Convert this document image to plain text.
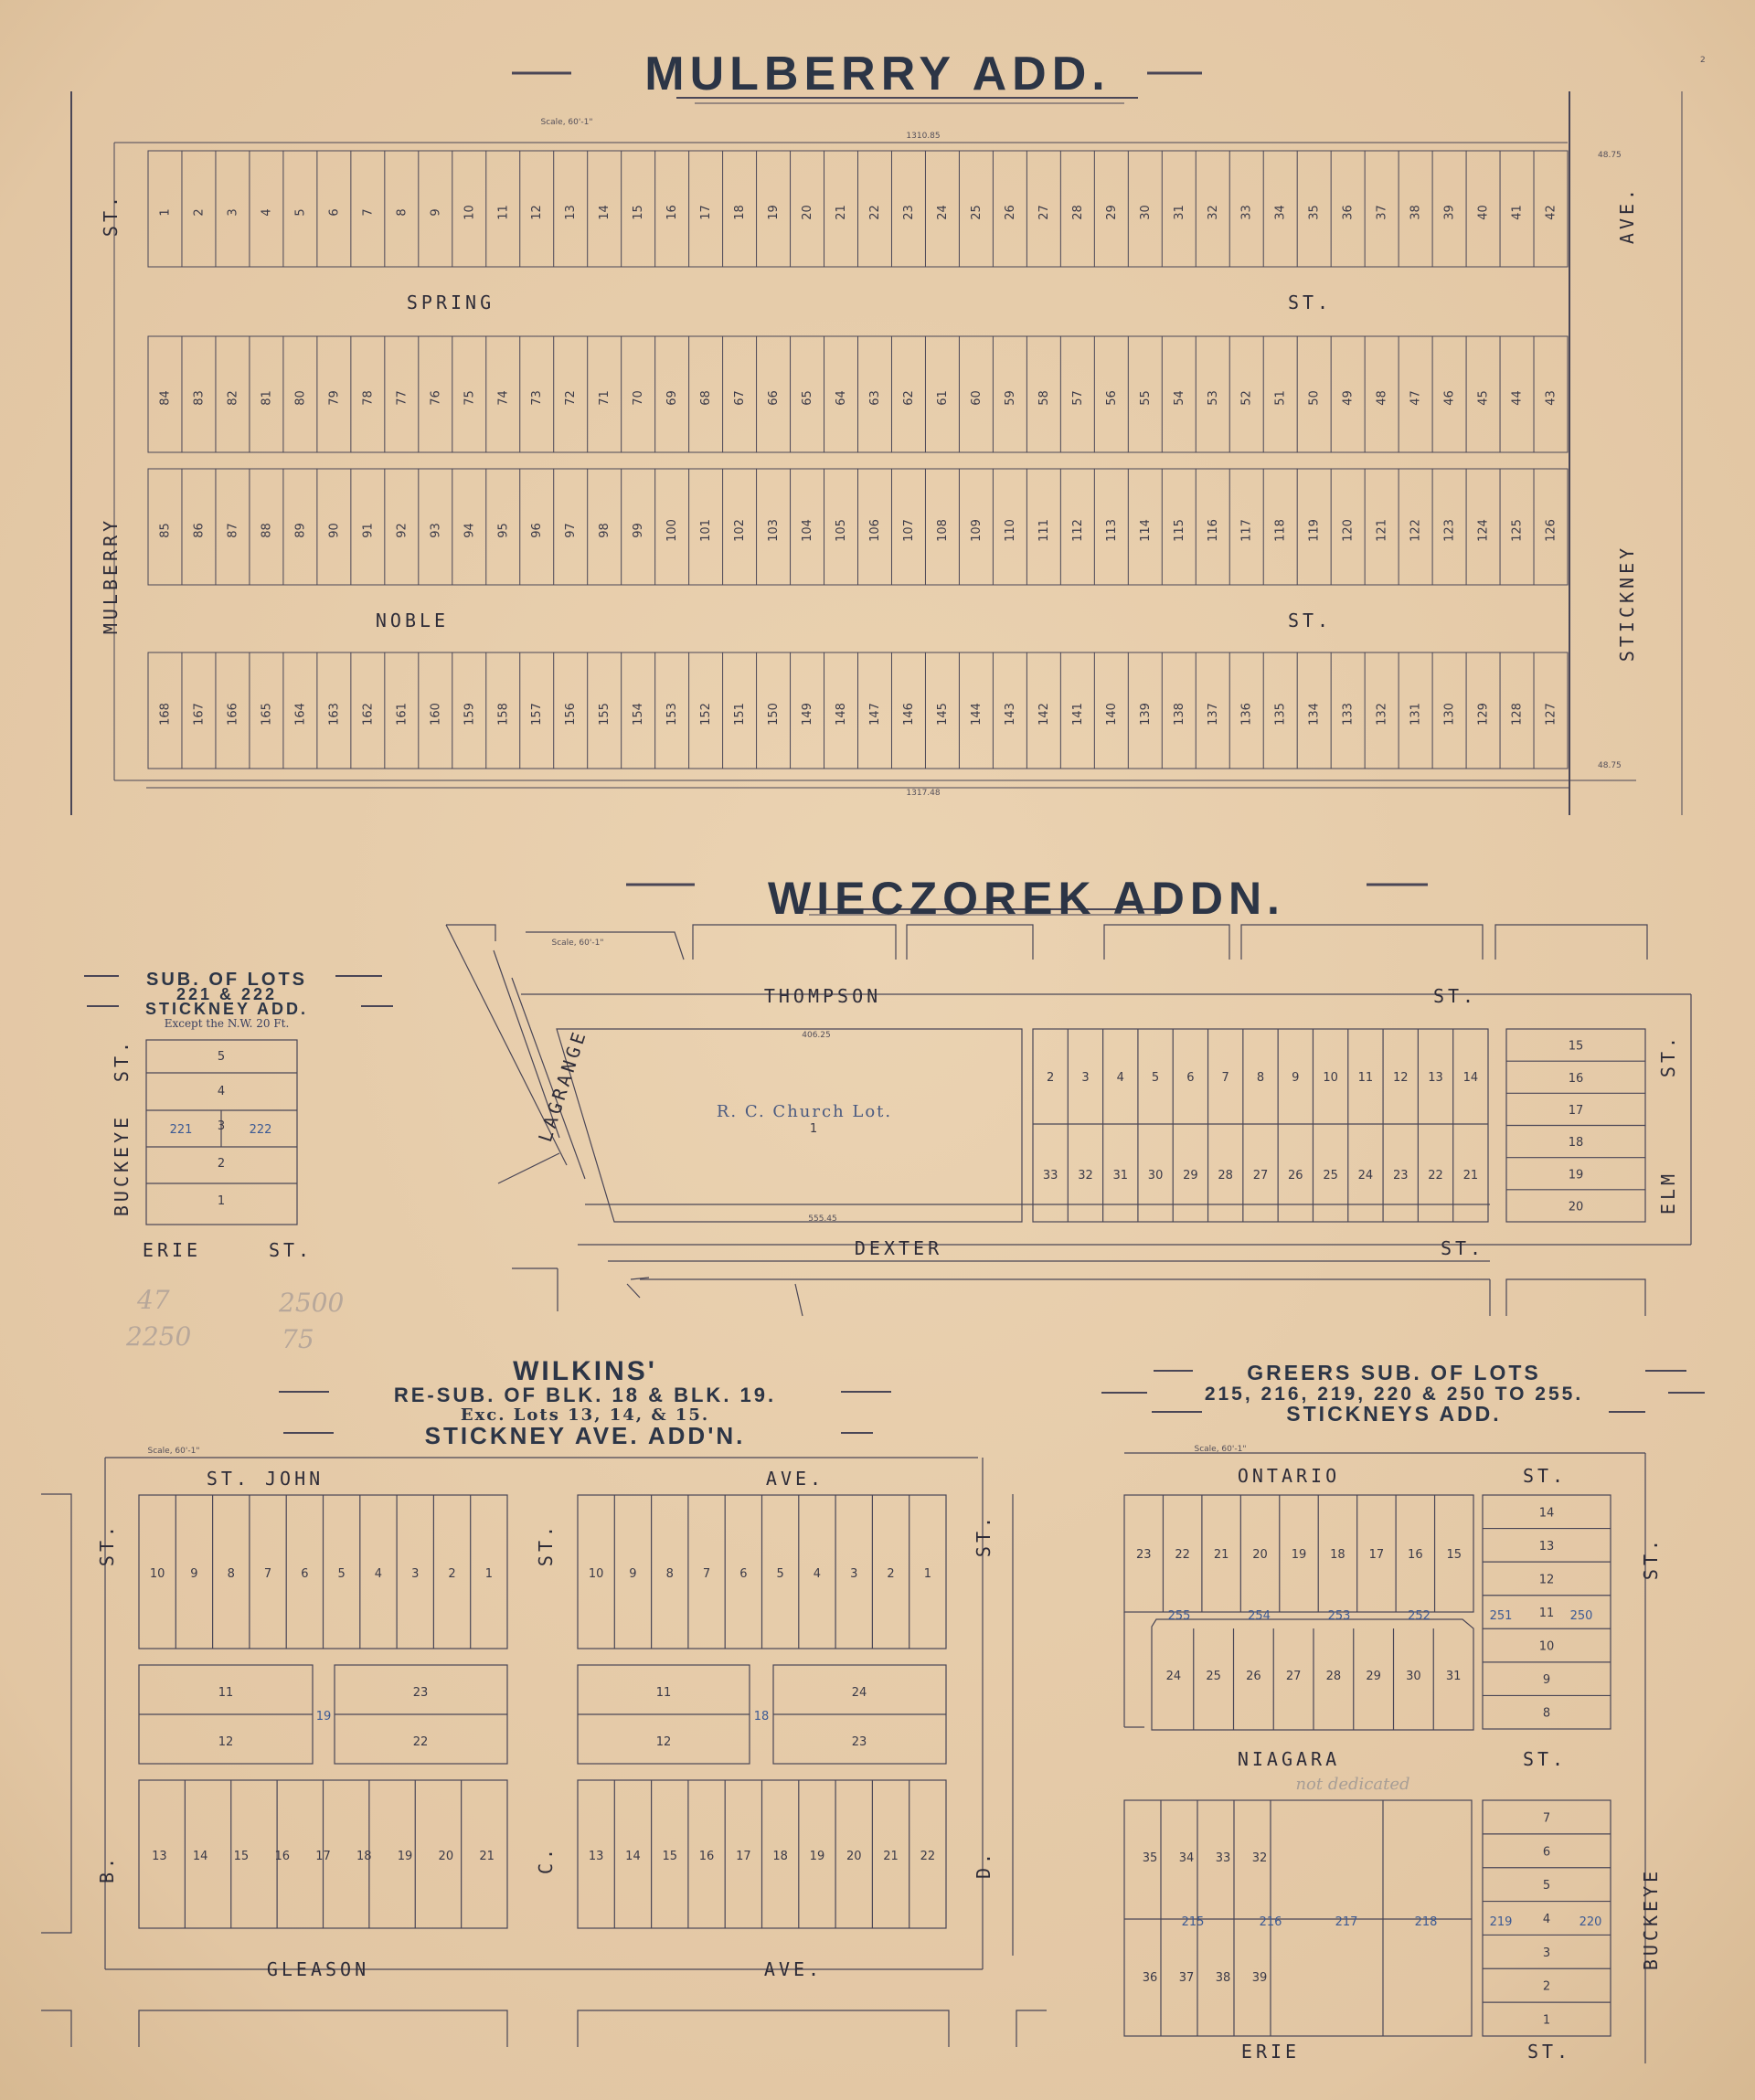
2
1 2 3 4 5 6 7 8 9 10 11 12 13 14 15 16 17 18 19 20 21 22 23 24 25 26 27 28 29 30 31 32 33 34 35 36 37 38 39 40 41 42
84 83 82 81 80 79 78 77 76 75 74 73 72 71 70 69 68 67 66 65 64 63 62 61 60 59 58 57 56 55 54 53 52 51 50 49 48 47 46 45 44 43
85 86 87 88 89 90 91 92 93 94 95 96 97 98 99 100 101 102 103 104 105 106 107 108 109 110 111 112 113 114 115 116 117 118 119 120 121 122 123 124 125 126
168 167 166 165 164 163 162 161 160 159 158 157 156 155 154 153 152 151 150 149 148 147 146 145 144 143 142 141 140 139 138 137 136 135 134 133 132 131 130 129 128 127
MULBERRY ADD.
Scale, 60'-1"
1310.85
1317.48
48.75
48.75
SPRING	ST.
NOBLE	ST.
MULBERRY
ST.
STICKNEY
AVE.
WIECZOREK ADDN.
Scale, 60'-1"
THOMPSON	ST.
DEXTER	ST.
LAGRANGE
ELM
ST.
R. C. Church Lot.
1
406.25
555.45
2 3 4 5 6 7 8 9 10 11 12 13 14
33 32 31 30 29 28 27 26 25 24 23 22 21
15
16
17
18
19
20
SUB. OF LOTS
221 & 222
STICKNEY ADD.
Except the N.W. 20 Ft.
BUCKEYE
ST.
ERIE	ST.
5
4
3
2
1
221	222
47	2500
2250	75
WILKINS'
RE-SUB. OF BLK. 18 & BLK. 19.
Exc. Lots 13, 14, & 15.
STICKNEY AVE. ADD'N.
Scale, 60'-1"
ST. JOHN	AVE.
GLEASON	AVE.
B.
ST.
C.
ST.
D.
ST.
10 9 8 7 6 5 4 3 2 1	10 9 8 7 6 5 4 3 2 1
13 14 15 16 17 18 19 20 21	13 14 15 16 17 18 19 20 21 22
11
12
23
22
11
12
24
23
19	18
GREERS SUB. OF LOTS
215, 216, 219, 220 & 250 TO 255.
STICKNEYS ADD.
Scale, 60'-1"
ONTARIO	ST.
NIAGARA	ST.
ERIE	ST.
BUCKEYE
ST.
not dedicated
23 22 21 20 19 18 17 16 15
24 25 26 27 28 29 30 31
255	254	253	252
14
13
12
11
10
9
8
251	250
35 34 33 32
36 37 38 39
215	216	217	218
7
6
5
4
3
2
1
219	220
